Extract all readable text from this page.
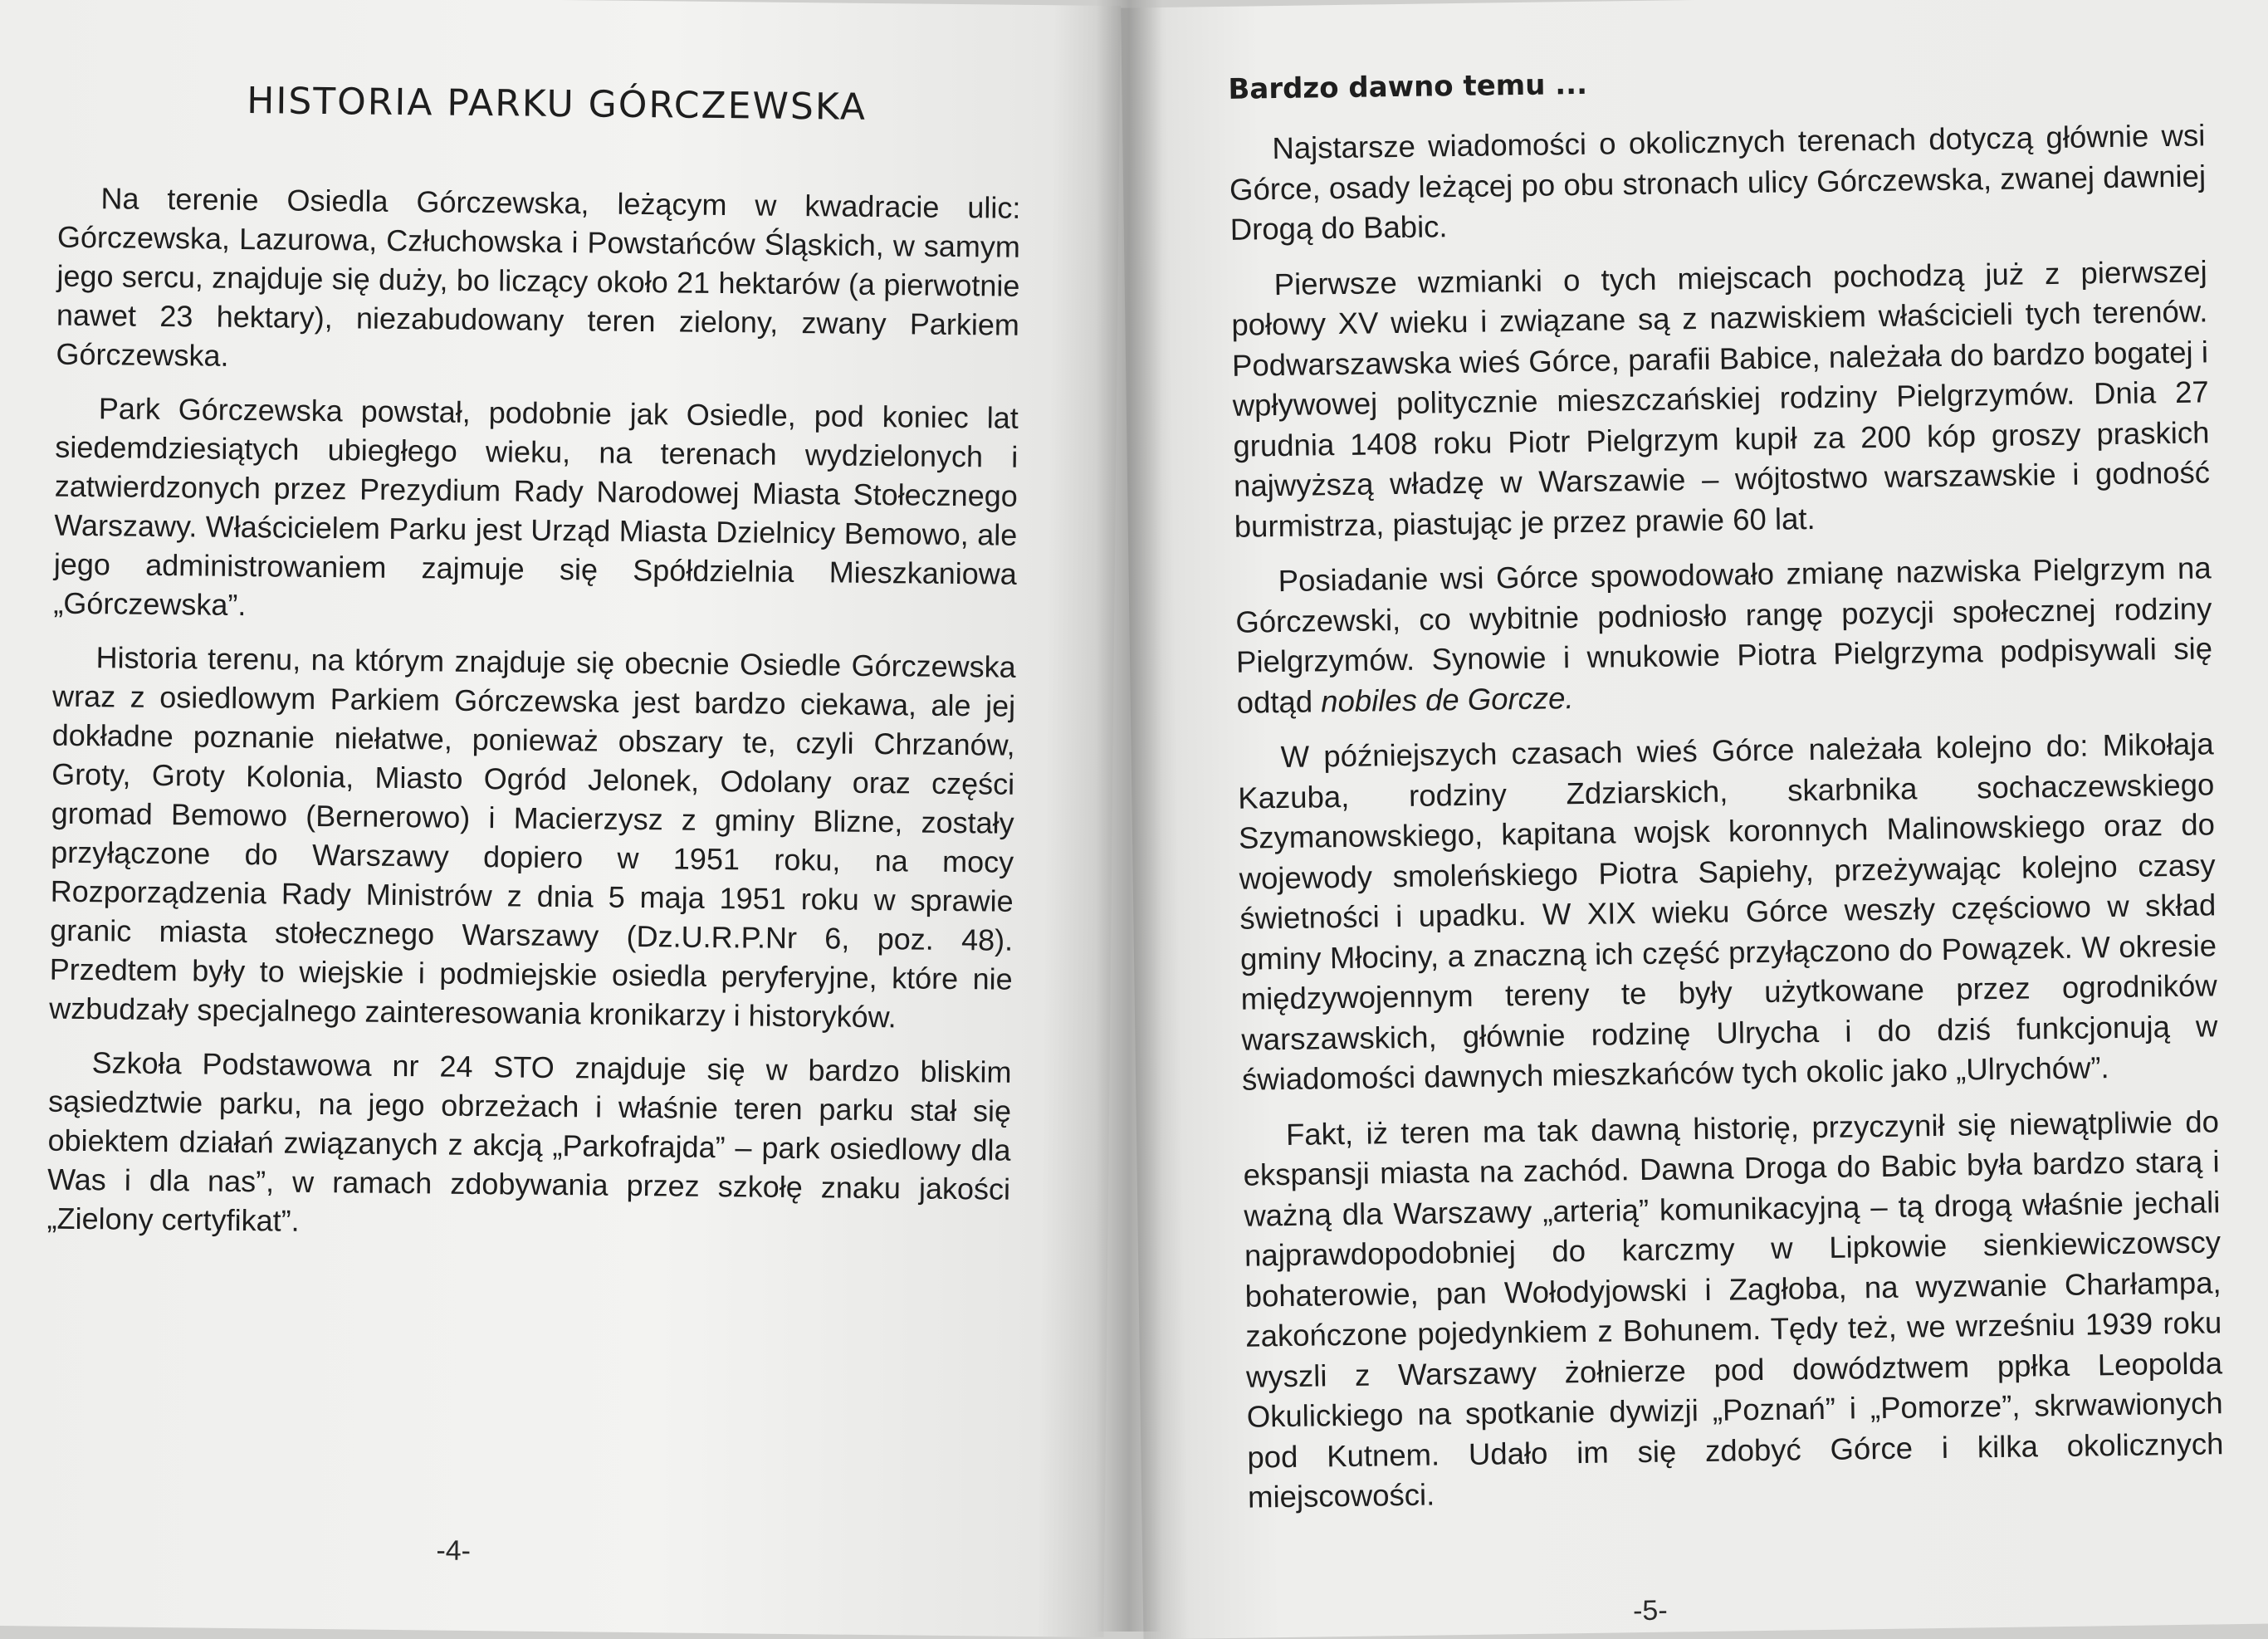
HISTORIA PARKU GÓRCZEWSKA

Na terenie Osiedla Górczewska, leżącym w kwadracie ulic: Górczewska, Lazurowa, Człuchowska i Powstańców Śląskich, w samym jego sercu, znajduje się duży, bo liczący około 21 hektarów (a pierwotnie nawet 23 hektary), niezabudowany teren zielony, zwany Parkiem Górczewska.

Park Górczewska powstał, podobnie jak Osiedle, pod koniec lat siedemdziesiątych ubiegłego wieku, na terenach wydzielonych i zatwierdzonych przez Prezydium Rady Narodowej Miasta Stołecznego Warszawy. Właścicielem Parku jest Urząd Miasta Dzielnicy Bemowo, ale jego administrowaniem zajmuje się Spółdzielnia Mieszkaniowa „Górczewska”.

Historia terenu, na którym znajduje się obecnie Osiedle Górczewska wraz z osiedlowym Parkiem Górczewska jest bardzo ciekawa, ale jej dokładne poznanie niełatwe, ponieważ obszary te, czyli Chrzanów, Groty, Groty Kolonia, Miasto Ogród Jelonek, Odolany oraz części gromad Bemowo (Bernerowo) i Macierzysz z gminy Blizne, zostały przyłączone do Warszawy dopiero w 1951 roku, na mocy Rozporządzenia Rady Ministrów z dnia 5 maja 1951 roku w sprawie granic miasta stołecznego Warszawy (Dz.U.R.P.Nr 6, poz. 48). Przedtem były to wiejskie i podmiejskie osiedla peryferyjne, które nie wzbudzały specjalnego zainteresowania kronikarzy i historyków.

Szkoła Podstawowa nr 24 STO znajduje się w bardzo bliskim sąsiedztwie parku, na jego obrzeżach i właśnie teren parku stał się obiektem działań związanych z akcją „Parkofrajda” – park osiedlowy dla Was i dla nas”, w ramach zdobywania przez szkołę znaku jakości „Zielony certyfikat”.

-4-
Bardzo dawno temu ...

Najstarsze wiadomości o okolicznych terenach dotyczą głównie wsi Górce, osady leżącej po obu stronach ulicy Górczewska, zwanej dawniej Drogą do Babic.

Pierwsze wzmianki o tych miejscach pochodzą już z pierwszej połowy XV wieku i związane są z nazwiskiem właścicieli tych terenów. Podwarszawska wieś Górce, parafii Babice, należała do bardzo bogatej i wpływowej politycznie mieszczańskiej rodziny Pielgrzymów. Dnia 27 grudnia 1408 roku Piotr Pielgrzym kupił za 200 kóp groszy praskich najwyższą władzę w Warszawie – wójtostwo warszawskie i godność burmistrza, piastując je przez prawie 60 lat.

Posiadanie wsi Górce spowodowało zmianę nazwiska Pielgrzym na Górczewski, co wybitnie podniosło rangę pozycji społecznej rodziny Pielgrzymów. Synowie i wnukowie Piotra Pielgrzyma podpisywali się odtąd nobiles de Gorcze.

W późniejszych czasach wieś Górce należała kolejno do: Mikołaja Kazuba, rodziny Zdziarskich, skarbnika sochaczewskiego Szymanowskiego, kapitana wojsk koronnych Malinowskiego oraz do wojewody smoleńskiego Piotra Sapiehy, przeżywając kolejno czasy świetności i upadku. W XIX wieku Górce weszły częściowo w skład gminy Młociny, a znaczną ich część przyłączono do Powązek. W okresie międzywojennym tereny te były użytkowane przez ogrodników warszawskich, głównie rodzinę Ulrycha i do dziś funkcjonują w świadomości dawnych mieszkańców tych okolic jako „Ulrychów”.

Fakt, iż teren ma tak dawną historię, przyczynił się niewątpliwie do ekspansji miasta na zachód. Dawna Droga do Babic była bardzo starą i ważną dla Warszawy „arterią” komunikacyjną – tą drogą właśnie jechali najprawdopodobniej do karczmy w Lipkowie sienkiewiczowscy bohaterowie, pan Wołodyjowski i Zagłoba, na wyzwanie Charłampa, zakończone pojedynkiem z Bohunem. Tędy też, we wrześniu 1939 roku wyszli z Warszawy żołnierze pod dowództwem ppłka Leopolda Okulickiego na spotkanie dywizji „Poznań” i „Pomorze”, skrwawionych pod Kutnem. Udało im się zdobyć Górce i kilka okolicznych miejscowości.

-5-
